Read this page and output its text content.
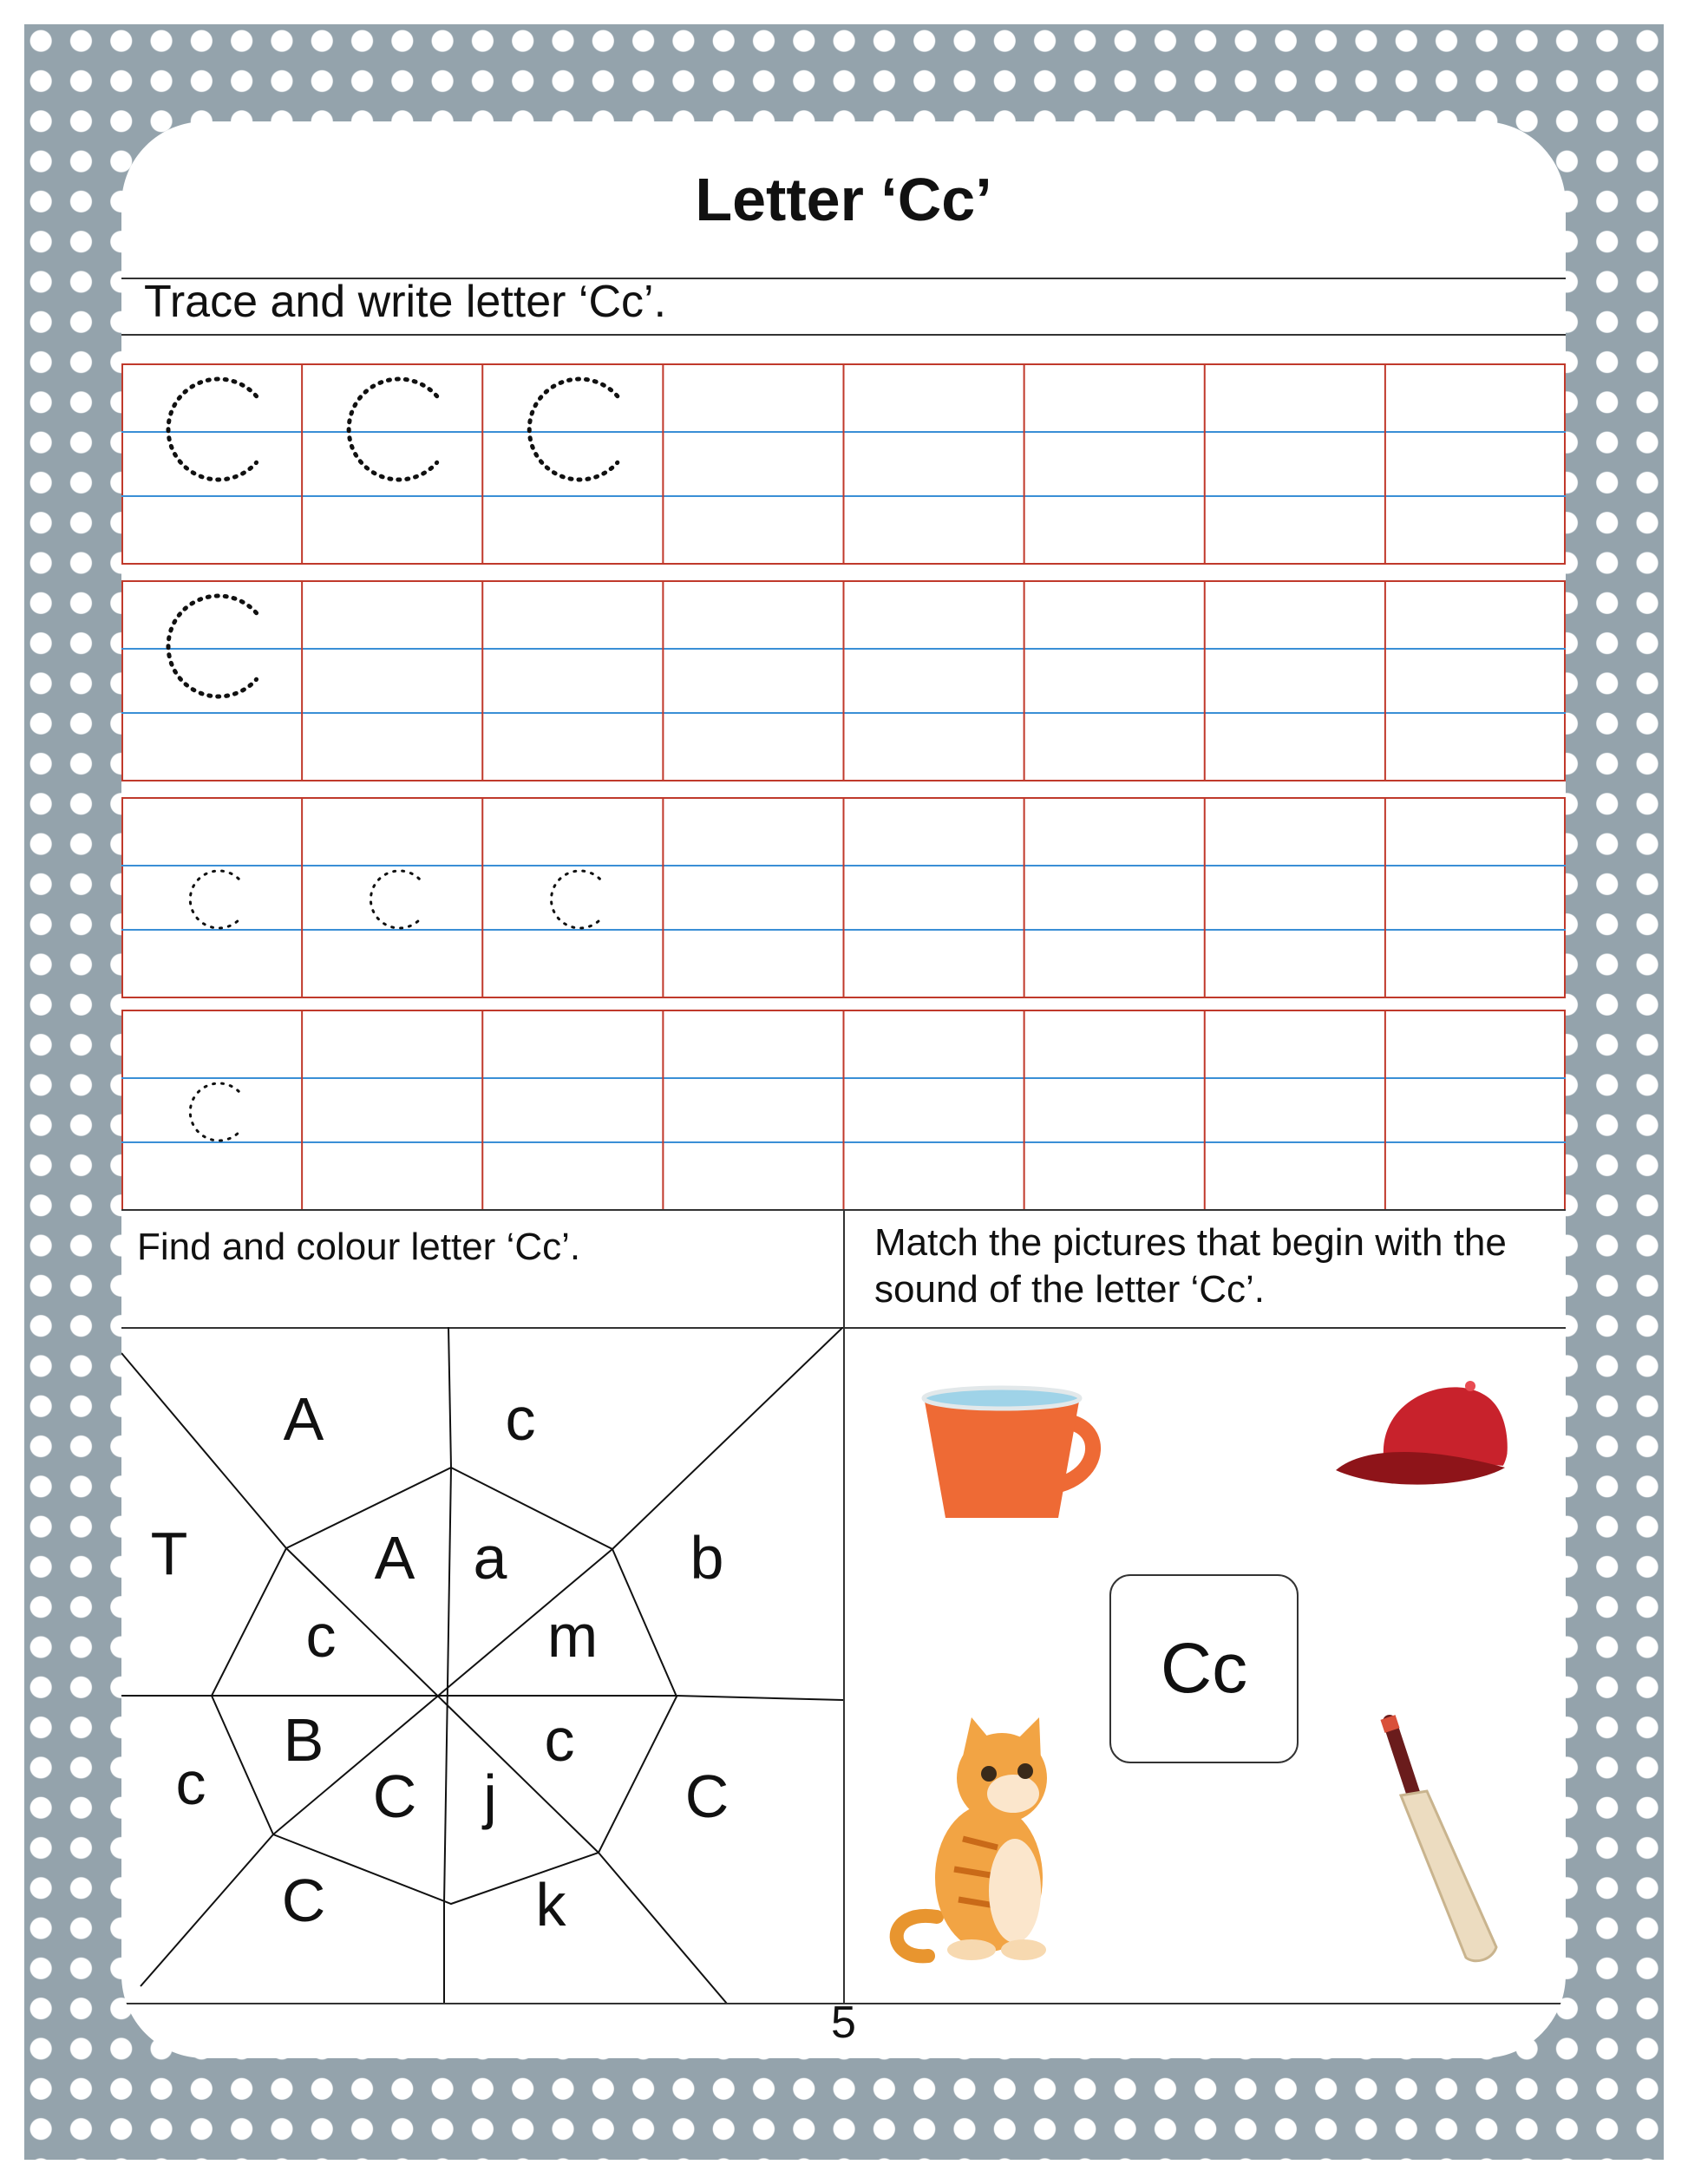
Letter ‘Cc’
Trace and write letter ‘Cc’.
Find and colour letter ‘Cc’.	Match the pictures that begin with the sound of the letter ‘Cc’.
A	c
T	A a	b
c	m
B
c
c
C j	C
C	k
Cc
5
